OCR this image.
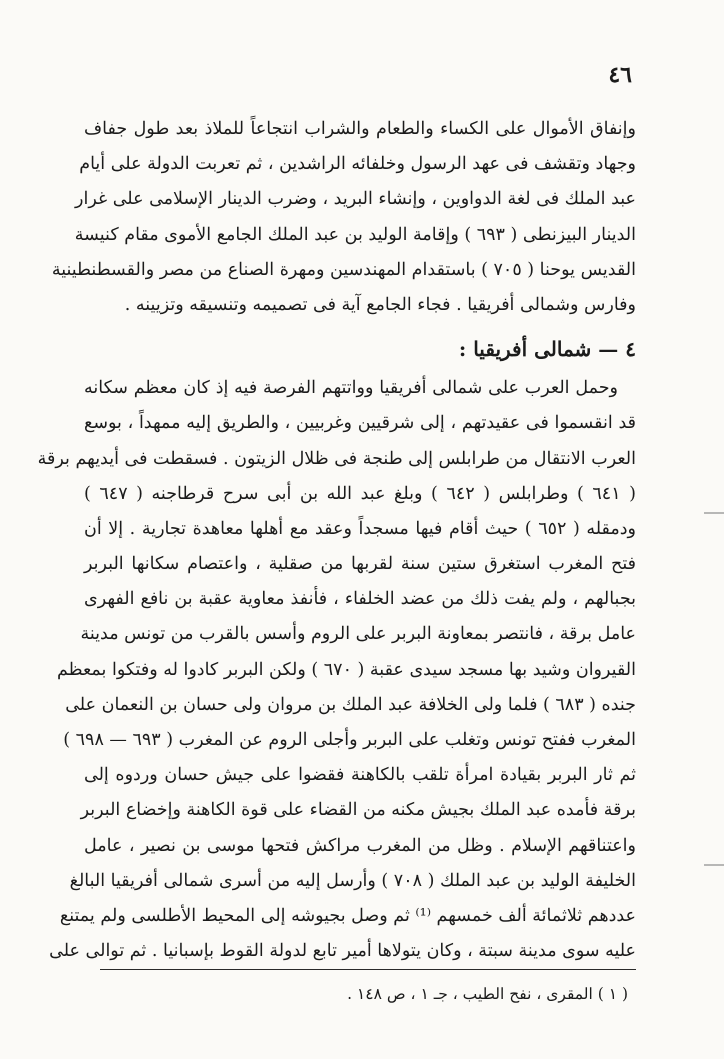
٤٦
وإنفاق الأموال على الكساء والطعام والشراب انتجاعاً للملاذ بعد طول جفاف
وجهاد وتقشف فى عهد الرسول وخلفائه الراشدين ، ثم تعربت الدولة على أيام
عبد الملك فى لغة الدواوين ، وإنشاء البريد ، وضرب الدينار الإسلامى على غرار
الدينار البيزنطى ( ٦٩٣ ) وإقامة الوليد بن عبد الملك الجامع الأموى مقام كنيسة
القديس يوحنا ( ٧٠٥ ) باستقدام المهندسين ومهرة الصناع من مصر والقسطنطينية
وفارس وشمالى أفريقيا . فجاء الجامع آية فى تصميمه وتنسيقه وتزيينه .
٤ — شمالى أفريقيا :
وحمل العرب على شمالى أفريقيا وواتتهم الفرصة فيه إذ كان معظم سكانه
قد انقسموا فى عقيدتهم ، إلى شرقيين وغربيين ، والطريق إليه ممهداً ، بوسع
العرب الانتقال من طرابلس إلى طنجة فى ظلال الزيتون . فسقطت فى أيديهم برقة
( ٦٤١ ) وطرابلس ( ٦٤٢ ) وبلغ عبد الله بن أبى سرح قرطاجنه ( ٦٤٧ )
ودمقله ( ٦٥٢ ) حيث أقام فيها مسجداً وعقد مع أهلها معاهدة تجارية . إلا أن
فتح المغرب استغرق ستين سنة لقربها من صقلية ، واعتصام سكانها البربر
بجبالهم ، ولم يفت ذلك من عضد الخلفاء ، فأنفذ معاوية عقبة بن نافع الفهرى
عامل برقة ، فانتصر بمعاونة البربر على الروم وأسس بالقرب من تونس مدينة
القيروان وشيد بها مسجد سيدى عقبة ( ٦٧٠ ) ولكن البربر كادوا له وفتكوا بمعظم
جنده ( ٦٨٣ ) فلما ولى الخلافة عبد الملك بن مروان ولى حسان بن النعمان على
المغرب ففتح تونس وتغلب على البربر وأجلى الروم عن المغرب ( ٦٩٣ — ٦٩٨ )
ثم ثار البربر بقيادة امرأة تلقب بالكاهنة فقضوا على جيش حسان وردوه إلى
برقة فأمده عبد الملك بجيش مكنه من القضاء على قوة الكاهنة وإخضاع البربر
واعتناقهم الإسلام . وظل من المغرب مراكش فتحها موسى بن نصير ، عامل
الخليفة الوليد بن عبد الملك ( ٧٠٨ ) وأرسل إليه من أسرى شمالى أفريقيا البالغ
عددهم ثلاثمائة ألف خمسهم ⁽¹⁾ ثم وصل بجيوشه إلى المحيط الأطلسى ولم يمتنع
عليه سوى مدينة سبتة ، وكان يتولاها أمير تابع لدولة القوط بإسبانيا . ثم توالى على
( ١ ) المقرى ، نفح الطيب ، جـ ١ ، ص ١٤٨ .
